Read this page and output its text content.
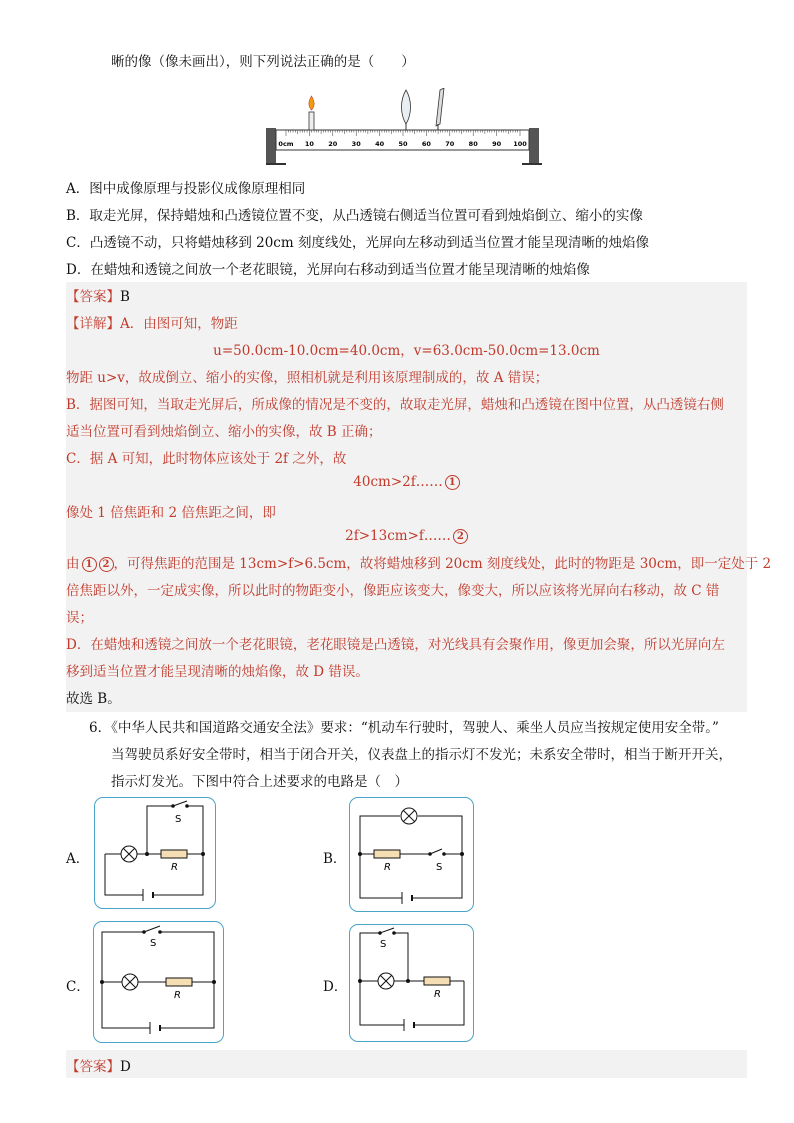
晰的像（像未画出），则下列说法正确的是（　　）
0cm 10 20 30 40 50 60 70 80 90 100
A．图中成像原理与投影仪成像原理相同
B．取走光屏，保持蜡烛和凸透镜位置不变，从凸透镜右侧适当位置可看到烛焰倒立、缩小的实像
C．凸透镜不动，只将蜡烛移到 20cm 刻度线处，光屏向左移动到适当位置才能呈现清晰的烛焰像
D．在蜡烛和透镜之间放一个老花眼镜，光屏向右移动到适当位置才能呈现清晰的烛焰像
【答案】B
【详解】A．由图可知，物距
u=50.0cm-10.0cm=40.0cm，v=63.0cm-50.0cm=13.0cm
物距 u>v，故成倒立、缩小的实像，照相机就是利用该原理制成的，故 A 错误；
B．据图可知，当取走光屏后，所成像的情况是不变的，故取走光屏，蜡烛和凸透镜在图中位置，从凸透镜右侧
适当位置可看到烛焰倒立、缩小的实像，故 B 正确；
C．据 A 可知，此时物体应该处于 2f 之外，故
40cm>2f…… 1
像处 1 倍焦距和 2 倍焦距之间，即
2f>13cm>f…… 2
由 1 2 ，可得焦距的范围是 13cm>f>6.5cm，故将蜡烛移到 20cm 刻度线处，此时的物距是 30cm，即一定处于 2
倍焦距以外，一定成实像，所以此时的物距变小，像距应该变大，像变大，所以应该将光屏向右移动，故 C 错
误；
D．在蜡烛和透镜之间放一个老花眼镜，老花眼镜是凸透镜，对光线具有会聚作用，像更加会聚，所以光屏向左
移到适当位置才能呈现清晰的烛焰像，故 D 错误。
故选 B。
6．《中华人民共和国道路交通安全法》要求：“机动车行驶时，驾驶人、乘坐人员应当按规定使用安全带。”
当驾驶员系好安全带时，相当于闭合开关，仪表盘上的指示灯不发光；未系安全带时，相当于断开开关，
指示灯发光。下图中符合上述要求的电路是（　）
A．
S
R
B．
S
R
C．
S
R
D．
S
R
【答案】D
